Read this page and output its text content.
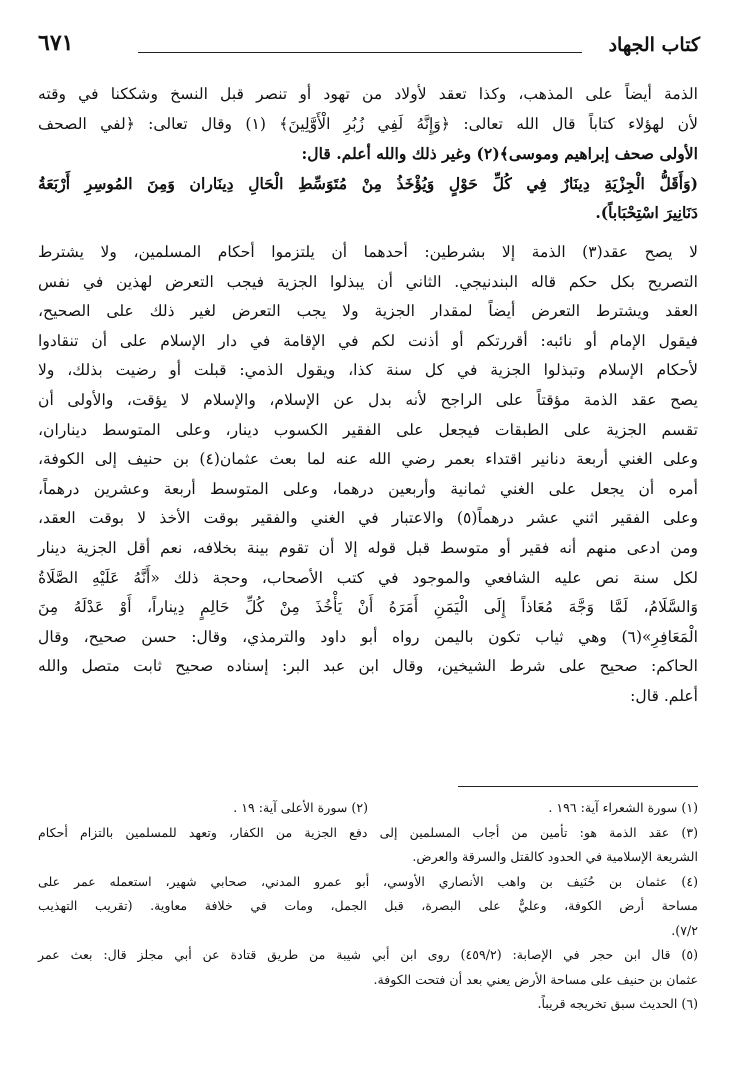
كتاب الجهاد
٦٧١
الذمة أيضاً على المذهب، وكذا تعقد لأولاد من تهود أو تنصر قبل النسخ وشككنا في وقته
لأن لهؤلاء كتاباً قال الله تعالى: ﴿وَإِنَّهُ لَفِي زُبُرِ الْأَوَّلِينَ﴾ (١) وقال تعالى: ﴿لفي الصحف
الأولى صحف إبراهيم وموسى﴾(٢) وغير ذلك والله أعلم. قال:
(وَأَقَلُّ الْجِزْيَةِ دِينَارٌ فِي كُلِّ حَوْلٍ وَيُؤْخَذُ مِنْ مُتَوَسِّطِ الْحَالِ دِينَاران وَمِنَ المُوسِرِ أَرْبَعَةُ
دَنَانِيرَ اسْتِحْبَاباً).
لا يصح عقد(٣) الذمة إلا بشرطين: أحدهما أن يلتزموا أحكام المسلمين، ولا يشترط
التصريح بكل حكم قاله البندنيجي. الثاني أن يبذلوا الجزية فيجب التعرض لهذين في نفس
العقد ويشترط التعرض أيضاً لمقدار الجزية ولا يجب التعرض لغير ذلك على الصحيح،
فيقول الإمام أو نائبه: أقررتكم أو أذنت لكم في الإقامة في دار الإسلام على أن تنقادوا
لأحكام الإسلام وتبذلوا الجزية في كل سنة كذا، ويقول الذمي: قبلت أو رضيت بذلك، ولا
يصح عقد الذمة مؤقتاً على الراجح لأنه بدل عن الإسلام، والإسلام لا يؤقت، والأولى أن
تقسم الجزية على الطبقات فيجعل على الفقير الكسوب دينار، وعلى المتوسط ديناران،
وعلى الغني أربعة دنانير اقتداء بعمر رضي الله عنه لما بعث عثمان(٤) بن حنيف إلى الكوفة،
أمره أن يجعل على الغني ثمانية وأربعين درهما، وعلى المتوسط أربعة وعشرين درهماً،
وعلى الفقير اثني عشر درهماً(٥) والاعتبار في الغني والفقير بوقت الأخذ لا بوقت العقد،
ومن ادعى منهم أنه فقير أو متوسط قبل قوله إلا أن تقوم بينة بخلافه، نعم أقل الجزية دينار
لكل سنة نص عليه الشافعي والموجود في كتب الأصحاب، وحجة ذلك «أَنَّهُ عَلَيْهِ الصَّلَاةُ
وَالسَّلَامُ، لَمَّا وَجَّهَ مُعَاذاً إِلَى الْيَمَنِ أَمَرَهُ أَنْ يَأْخُذَ مِنْ كُلِّ حَالِمٍ دِيناراً، أَوْ عَدْلَهُ مِنَ
الْمَعَافِرِ»(٦) وهي ثياب تكون باليمن رواه أبو داود والترمذي، وقال: حسن صحيح، وقال
الحاكم: صحيح على شرط الشيخين، وقال ابن عبد البر: إسناده صحيح ثابت متصل والله
أعلم. قال:
(١) سورة الشعراء آية: ١٩٦ .(٢) سورة الأعلى آية: ١٩ .
(٣) عقد الذمة هو: تأمين من أجاب المسلمين إلى دفع الجزية من الكفار، وتعهد للمسلمين بالتزام أحكام
الشريعة الإسلامية في الحدود كالقتل والسرقة والعرض.
(٤) عثمان بن حُنَيف بن واهب الأنصاري الأوسي، أبو عمرو المدني، صحابي شهير، استعمله عمر على
مساحة أرض الكوفة، وعليٌّ على البصرة، قبل الجمل، ومات في خلافة معاوية. (تقريب التهذيب
٧/٢).
(٥) قال ابن حجر في الإصابة: (٤٥٩/٢) روى ابن أبي شيبة من طريق قتادة عن أبي مجلز قال: بعث عمر
عثمان بن حنيف على مساحة الأرض يعني بعد أن فتحت الكوفة.
(٦) الحديث سبق تخريجه قريباً.
